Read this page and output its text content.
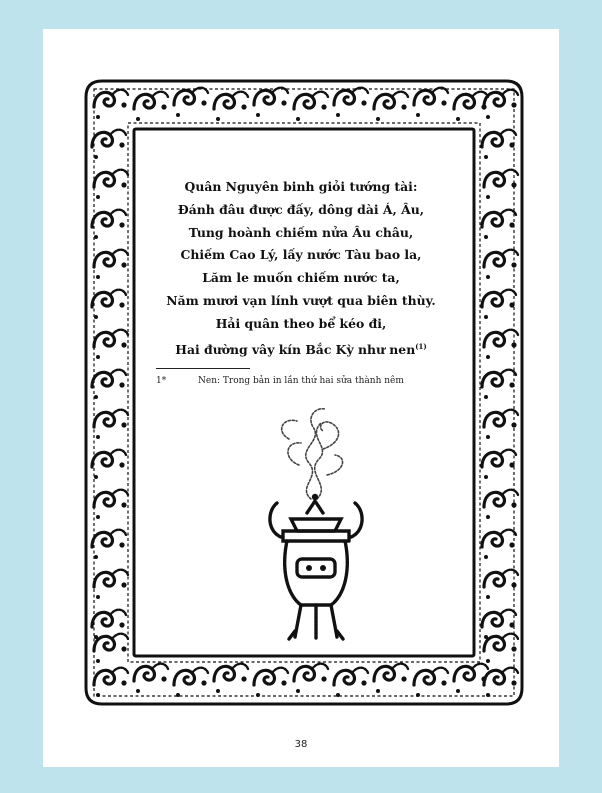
Quân Nguyên binh giỏi tướng tài:
Đánh đâu được đấy, dông dài Á, Âu,
Tung hoành chiếm nửa Âu châu,
Chiếm Cao Lý, lấy nước Tàu bao la,
Lăm le muốn chiếm nước ta,
Năm mươi vạn lính vượt qua biên thùy.
Hải quân theo bể kéo đi,
Hai đường vây kín Bắc Kỳ như nen$^{(1)}$
1*	Nen: Trong bản in lần thứ hai sửa thành nêm
38
